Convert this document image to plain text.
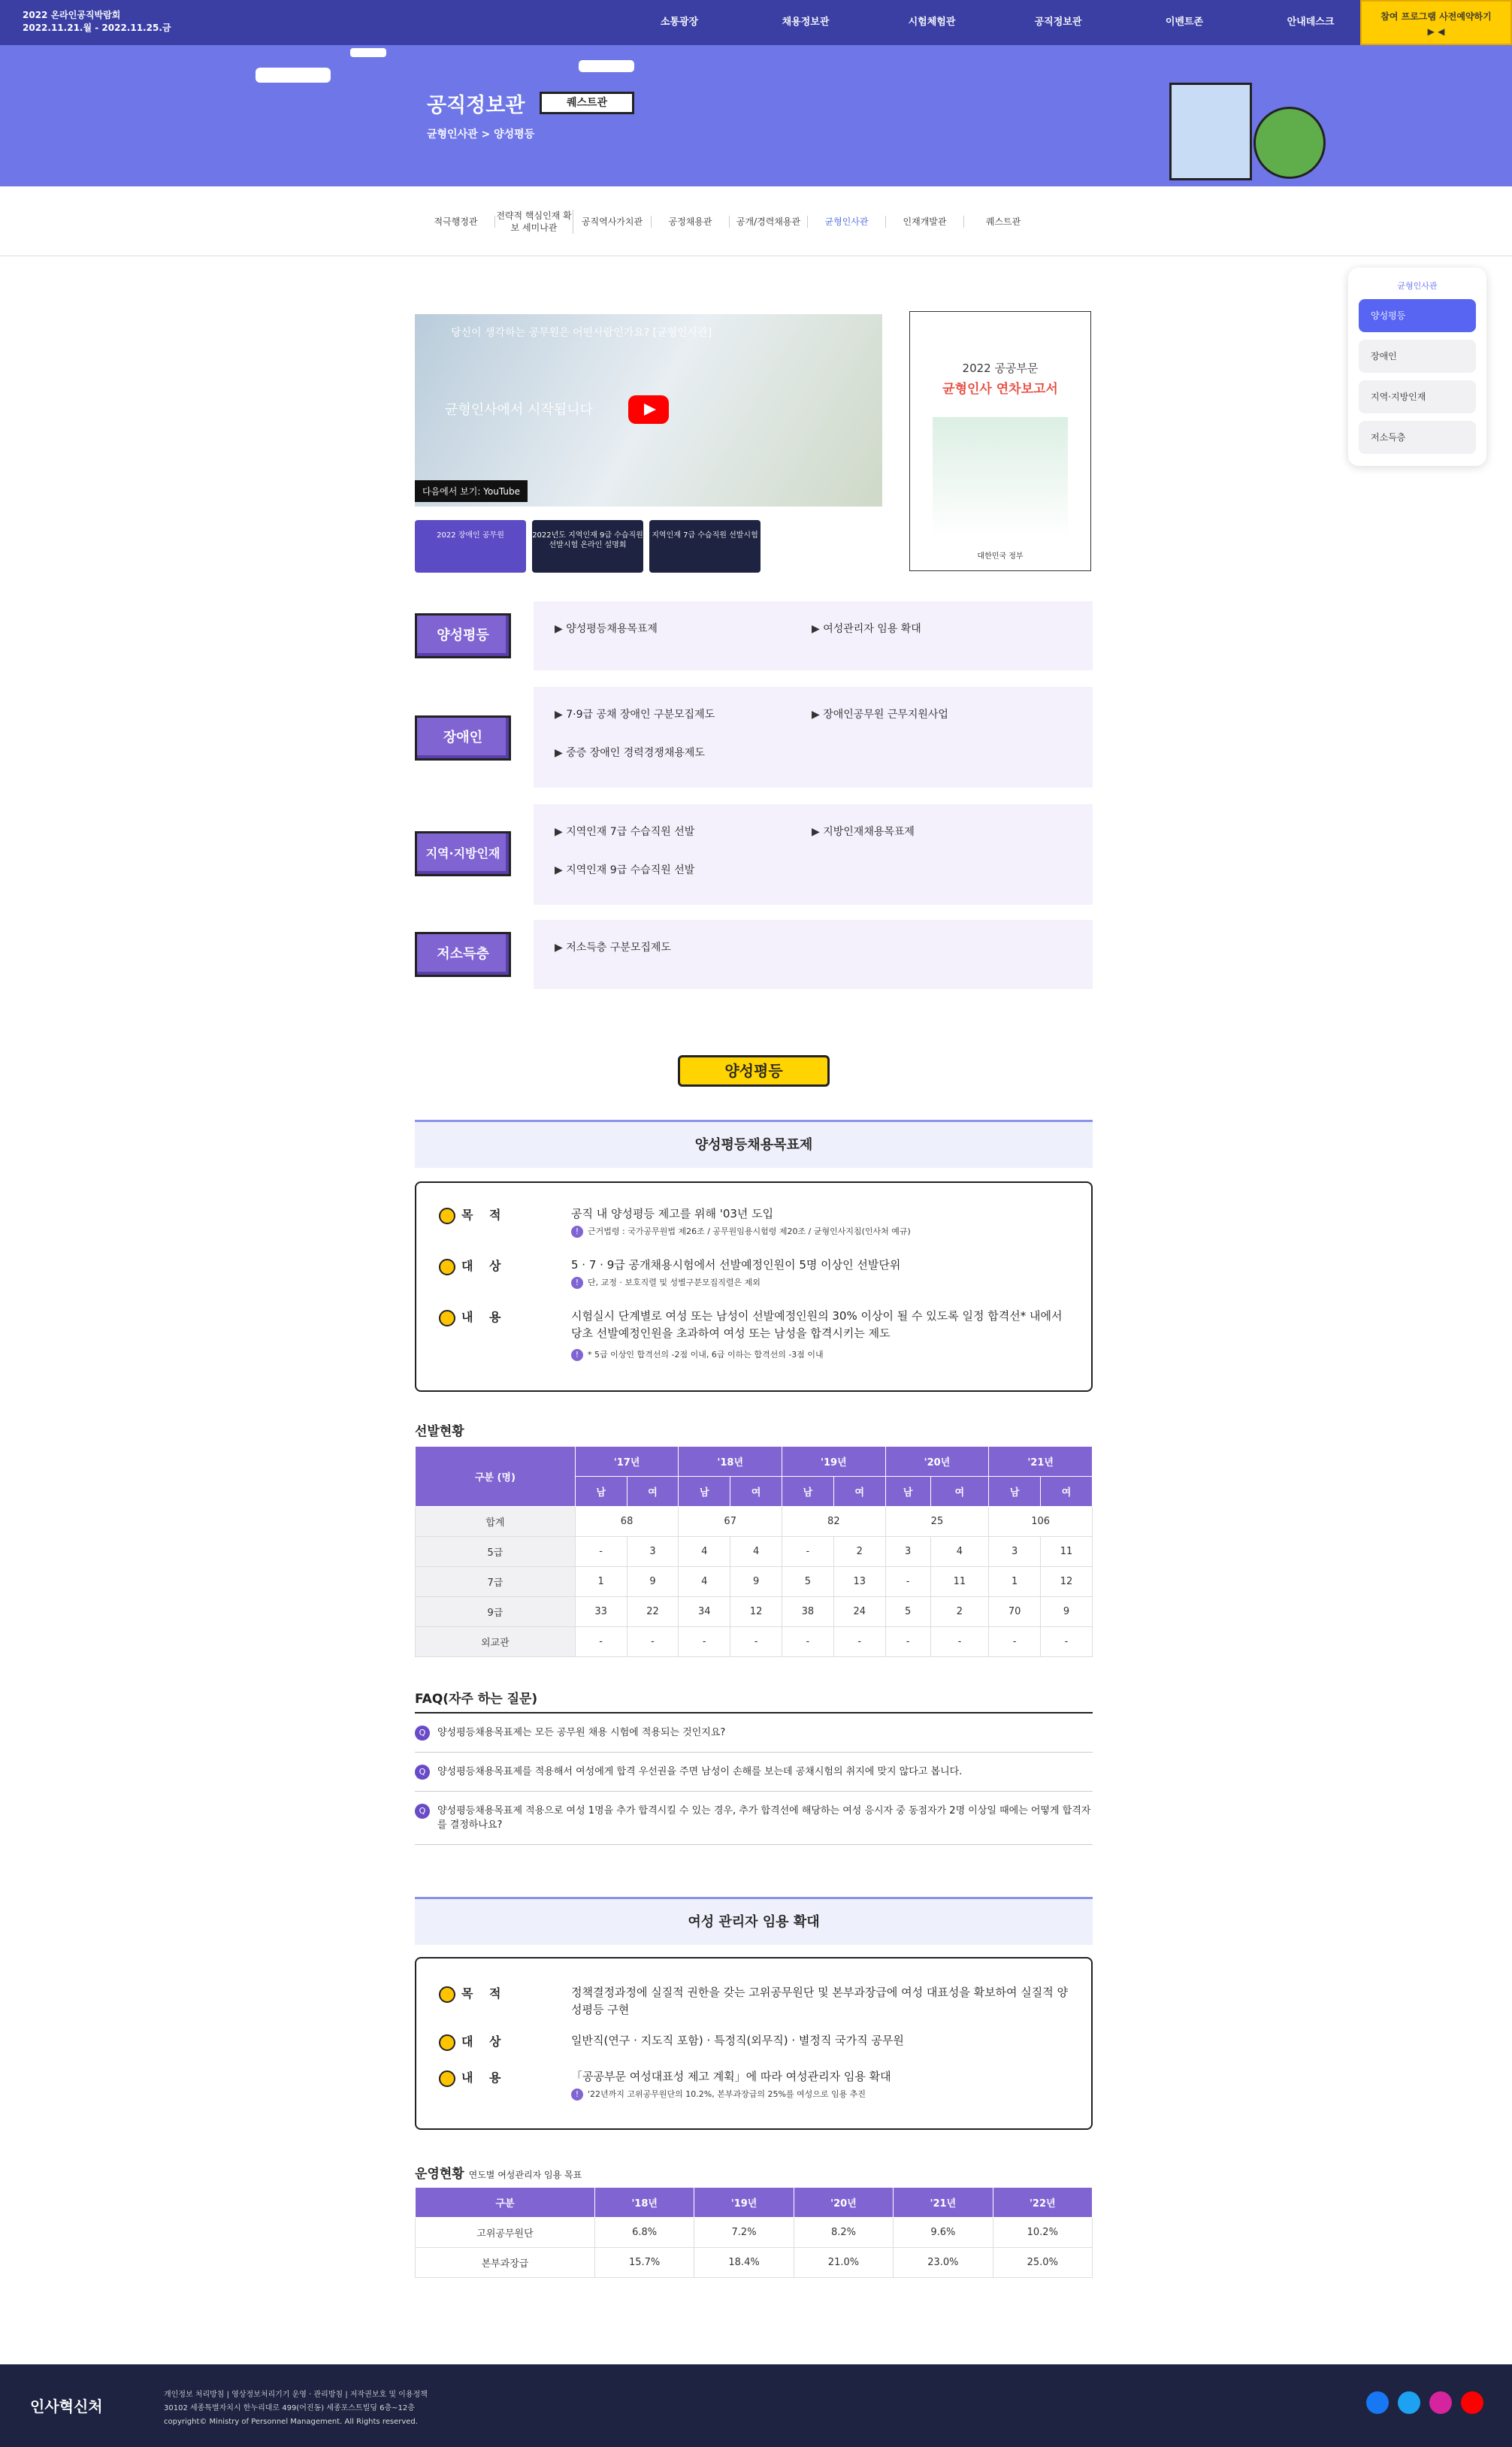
2022 온라인공직박람회
2022.11.21.월 - 2022.11.25.금	소통광장	채용정보관	시험체험관	공직정보관	이벤트존	안내데스크	참여 프로그램 사전예약하기
▶ ◀
공직정보관	퀘스트관
균형인사관 > 양성평등
적극행정관
전략적 핵심인재 확보 세미나관
공직역사가치관	공정채용관	공개/경력채용관	균형인사관	인재개발관	퀘스트관
균형인사관
양성평등
장애인
지역·지방인재
저소득층
당신이 생각하는 공무원은 어떤사람인가요? [균형인사관]
균형인사에서 시작됩니다
다음에서 보기: YouTube
2022 장애인 공무원	2022년도 지역인재 9급 수습직원 선발시험 온라인 설명회
지역인재 7급 수습직원 선발시험
2022 공공부문
균형인사 연차보고서
대한민국 정부
양성평등	▶ 양성평등채용목표제	▶ 여성관리자 임용 확대
장애인
▶ 7·9급 공채 장애인 구분모집제도	▶ 장애인공무원 근무지원사업
▶ 중증 장애인 경력경쟁채용제도
지역·지방인재
▶ 지역인재 7급 수습직원 선발	▶ 지방인재채용목표제
▶ 지역인재 9급 수습직원 선발
저소득층	▶ 저소득층 구분모집제도
양성평등
양성평등채용목표제
목 적	공직 내 양성평등 제고를 위해 '03년 도입
! 근거법령 : 국가공무원법 제26조 / 공무원임용시험령 제20조 / 균형인사지침(인사처 예규)
대 상	5 · 7 · 9급 공개채용시험에서 선발예정인원이 5명 이상인 선발단위
! 단, 교정 · 보호직렬 및 성별구분모집직렬은 제외
내 용	시험실시 단계별로 여성 또는 남성이 선발예정인원의 30% 이상이 될 수 있도록 일정 합격선* 내에서 당초 선발예정인원을 초과하여 여성 또는 남성을 합격시키는 제도
! * 5급 이상인 합격선의 -2점 이내, 6급 이하는 합격선의 -3점 이내
선발현황
구분 (명)	'17년		'18년		'19년		'20년		'21년	
	남	여	남	여	남	여	남	여	남	여
합계	68		67		82		25		106	
5급	-	3	4	4	-	2	3	4	3	11
7급	1	9	4	9	5	13	-	11	1	12
9급	33	22	34	12	38	24	5	2	70	9
외교관	-	-	-	-	-	-	-	-	-	-
FAQ(자주 하는 질문)
Q 양성평등채용목표제는 모든 공무원 채용 시험에 적용되는 것인지요?
Q 양성평등채용목표제를 적용해서 여성에게 합격 우선권을 주면 남성이 손해를 보는데 공채시험의 취지에 맞지 않다고 봅니다.
Q 양성평등채용목표제 적용으로 여성 1명을 추가 합격시킬 수 있는 경우, 추가 합격선에 해당하는 여성 응시자 중 동점자가 2명 이상일 때에는 어떻게 합격자를 결정하나요?
여성 관리자 임용 확대
목 적	정책결정과정에 실질적 권한을 갖는 고위공무원단 및 본부과장급에 여성 대표성을 확보하여 실질적 양성평등 구현
대 상	일반직(연구 · 지도직 포함) · 특정직(외무직) · 별정직 국가직 공무원
내 용	「공공부문 여성대표성 제고 계획」에 따라 여성관리자 임용 확대
! '22년까지 고위공무원단의 10.2%, 본부과장급의 25%를 여성으로 임용 추진
운영현황 연도별 여성관리자 임용 목표
구분	'18년	'19년	'20년	'21년	'22년
고위공무원단	6.8%	7.2%	8.2%	9.6%	10.2%
본부과장급	15.7%	18.4%	21.0%	23.0%	25.0%
인사혁신처
개인정보 처리방침 | 영상정보처리기기 운영 · 관리방침 | 저작권보호 및 이용정책
30102 세종특별자치시 한누리대로 499(어진동) 세종포스트빌딩 6층~12층
copyright© Ministry of Personnel Management. All Rights reserved.
